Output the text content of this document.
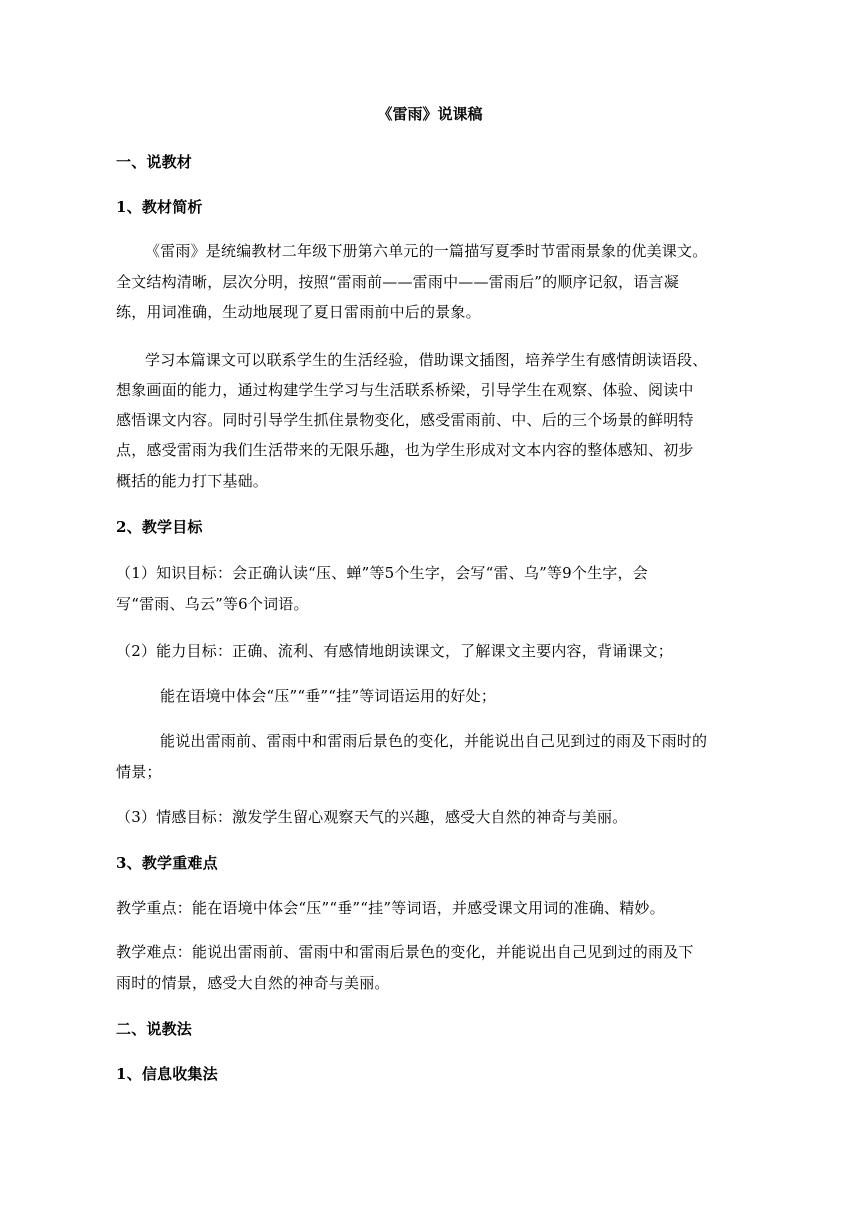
《雷雨》说课稿
一、说教材
1、教材简析
《雷雨》是统编教材二年级下册第六单元的一篇描写夏季时节雷雨景象的优美课文。
全文结构清晰，层次分明，按照“雷雨前——雷雨中——雷雨后”的顺序记叙，语言凝
练，用词准确，生动地展现了夏日雷雨前中后的景象。
学习本篇课文可以联系学生的生活经验，借助课文插图，培养学生有感情朗读语段、
想象画面的能力，通过构建学生学习与生活联系桥梁，引导学生在观察、体验、阅读中
感悟课文内容。同时引导学生抓住景物变化，感受雷雨前、中、后的三个场景的鲜明特
点，感受雷雨为我们生活带来的无限乐趣，也为学生形成对文本内容的整体感知、初步
概括的能力打下基础。
2、教学目标
（1）知识目标：会正确认读“压、蝉”等5个生字，会写“雷、乌”等9个生字，会
写“雷雨、乌云”等6个词语。
（2）能力目标：正确、流利、有感情地朗读课文，了解课文主要内容，背诵课文；
能在语境中体会“压”“垂”“挂”等词语运用的好处；
能说出雷雨前、雷雨中和雷雨后景色的变化，并能说出自己见到过的雨及下雨时的
情景；
（3）情感目标：激发学生留心观察天气的兴趣，感受大自然的神奇与美丽。
3、教学重难点
教学重点：能在语境中体会“压”“垂”“挂”等词语，并感受课文用词的准确、精妙。
教学难点：能说出雷雨前、雷雨中和雷雨后景色的变化，并能说出自己见到过的雨及下
雨时的情景，感受大自然的神奇与美丽。
二、说教法
1、信息收集法
